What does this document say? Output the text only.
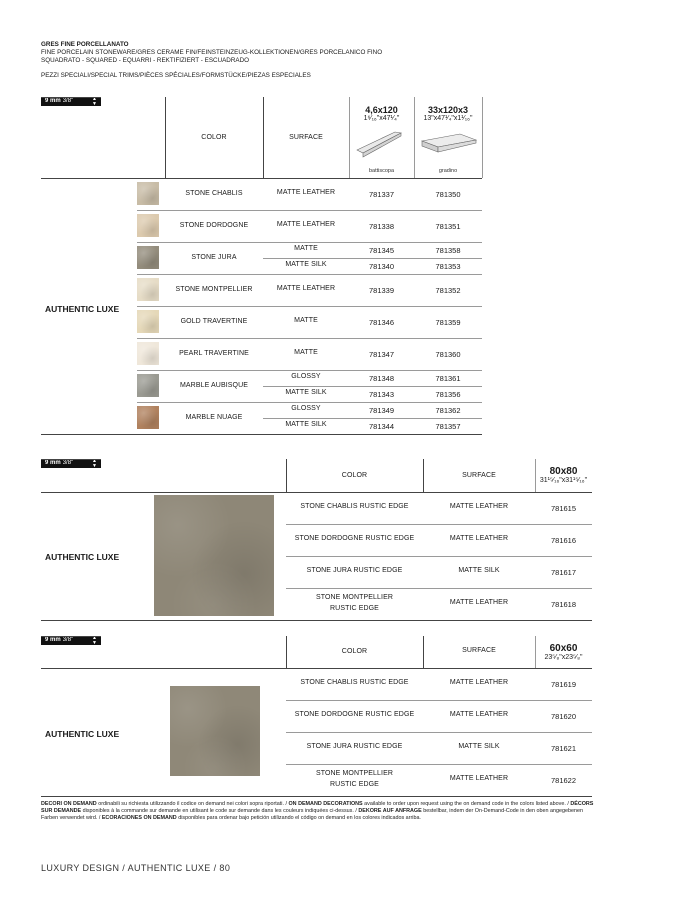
GRES FINE PORCELLANATO
FINE PORCELAIN STONEWARE/GRES CERAME FIN/FEINSTEINZEUG-KOLLEKTIONEN/GRES PORCELANICO FINO
SQUADRATO - SQUARED - EQUARRI - REKTIFIZIERT - ESCUADRADO
PEZZI SPECIALI/SPECIAL TRIMS/PIÈCES SPÉCIALES/FORMSTÜCKE/PIEZAS ESPECIALES
9 mm 3/8"	▲
▼
COLOR	SURFACE
4,6x120
1⁶⁄₁₆"x47¹⁄₄"
battiscopa
33x120x3
13"x47¹⁄₄"x1¹⁄₁₆"
gradino
AUTHENTIC LUXE
STONE CHABLIS	MATTE LEATHER	781337	781350
STONE DORDOGNE	MATTE LEATHER	781338	781351
STONE JURA
MATTE	781345	781358
MATTE SILK	781340	781353
STONE MONTPELLIER	MATTE LEATHER	781339	781352
GOLD TRAVERTINE	MATTE	781346	781359
PEARL TRAVERTINE	MATTE	781347	781360
MARBLE AUBISQUE
GLOSSY	781348	781361
MATTE SILK	781343	781356
MARBLE NUAGE
GLOSSY	781349	781362
MATTE SILK	781344	781357
9 mm 3/8"	▲
▼
COLOR	SURFACE	80x80
31¹⁵⁄₁₆"x31¹⁵⁄₁₆"
AUTHENTIC LUXE
STONE CHABLIS RUSTIC EDGE	MATTE LEATHER	781615
STONE DORDOGNE RUSTIC EDGE	MATTE LEATHER	781616
STONE JURA RUSTIC EDGE	MATTE SILK	781617
STONE MONTPELLIER
RUSTIC EDGE
MATTE LEATHER	781618
9 mm 3/8"	▲
▼
COLOR	SURFACE	60x60
23⁵⁄₈"x23⁵⁄₈"
AUTHENTIC LUXE
STONE CHABLIS RUSTIC EDGE	MATTE LEATHER	781619
STONE DORDOGNE RUSTIC EDGE	MATTE LEATHER	781620
STONE JURA RUSTIC EDGE	MATTE SILK	781621
STONE MONTPELLIER
RUSTIC EDGE
MATTE LEATHER	781622
DECORI ON DEMAND ordinabili su richiesta utilizzando il codice on demand nei colori sopra riportati. / ON DEMAND DECORATIONS available to order upon request using the on demand code in the colors listed above. / DÉCORS SUR DEMANDE disponibles à la commande sur demande en utilisant le code sur demande dans les couleurs indiquées ci-dessus. / DEKORE AUF ANFRAGE bestellbar, indem der On-Demand-Code in den oben angegebenen Farben verwendet wird. / ECORACIONES ON DEMAND disponibles para ordenar bajo petición utilizando el código on demand en los colores indicados arriba.
LUXURY DESIGN / AUTHENTIC LUXE / 80
